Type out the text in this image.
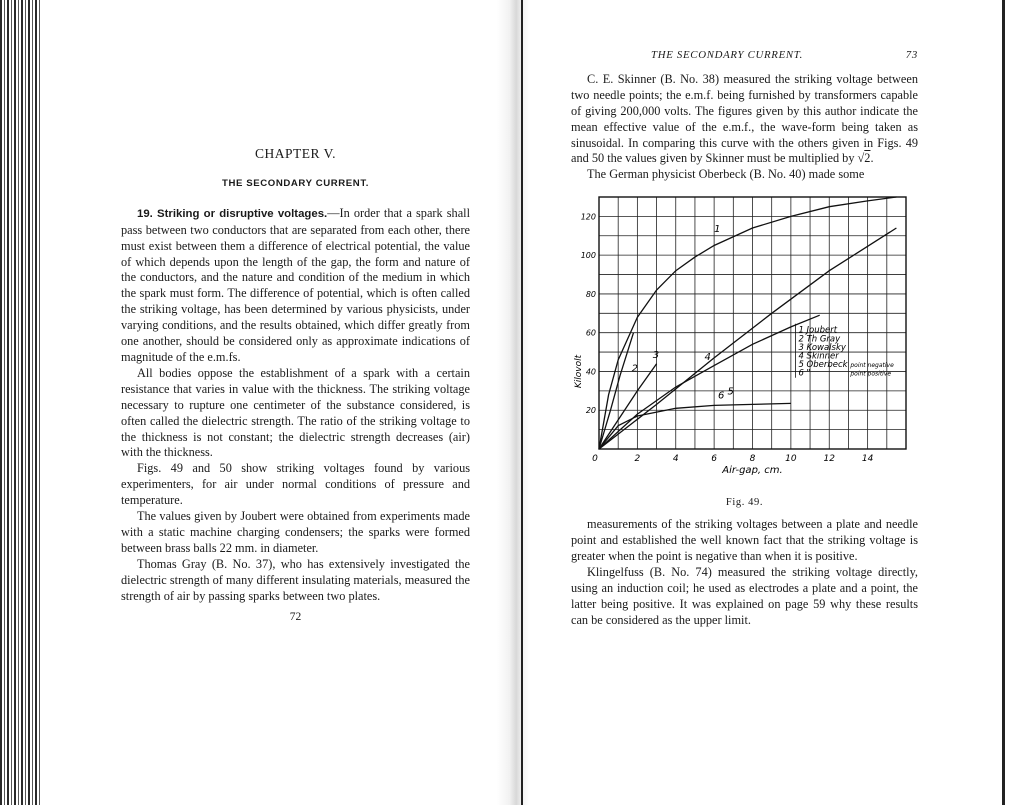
CHAPTER V.
THE SECONDARY CURRENT.

19. Striking or disruptive voltages.—In order that a spark shall pass between two conductors that are separated from each other, there must exist between them a difference of electrical potential, the value of which depends upon the length of the gap, the form and nature of the conductors, and the nature and condition of the medium in which the spark must form. The difference of potential, which is often called the striking voltage, has been determined by various physicists, under varying conditions, and the results obtained, which differ greatly from one another, should be considered only as approximate indications of magnitude of the e.m.fs.

All bodies oppose the establishment of a spark with a certain resistance that varies in value with the thickness. The striking voltage necessary to rupture one centimeter of the substance considered, is often called the dielectric strength. The ratio of the striking voltage to the thickness is not constant; the dielectric strength decreases (air) with the thickness.

Figs. 49 and 50 show striking voltages found by various experimenters, for air under normal conditions of pressure and temperature.

The values given by Joubert were obtained from experiments made with a static machine charging condensers; the sparks were formed between brass balls 22 mm. in diameter.

Thomas Gray (B. No. 37), who has extensively investigated the dielectric strength of many different insulating materials, measured the strength of air by passing sparks between two plates.

72
THE SECONDARY CURRENT.	73

C. E. Skinner (B. No. 38) measured the striking voltage between two needle points; the e.m.f. being furnished by transformers capable of giving 200,000 volts. The figures given by this author indicate the mean effective value of the e.m.f., the wave-form being taken as sinusoidal. In comparing this curve with the others given in Figs. 49 and 50 the values given by Skinner must be multiplied by √2.

The German physicist Oberbeck (B. No. 40) made some

2	4	6	8	10	12	14
20
40
60
80
100
120
0
Air-gap, cm.
Kilovolt
1
2
3	4
5
6
1 Joubert
2 Th Gray
3 Kowalsky
4 Skinner
5 Oberbeck
6 "
point negative
point positive
Fig. 49.

measurements of the striking voltages between a plate and needle point and established the well known fact that the striking voltage is greater when the point is negative than when it is positive.

Klingelfuss (B. No. 74) measured the striking voltage directly, using an induction coil; he used as electrodes a plate and a point, the latter being positive. It was explained on page 59 why these results can be considered as the upper limit.
